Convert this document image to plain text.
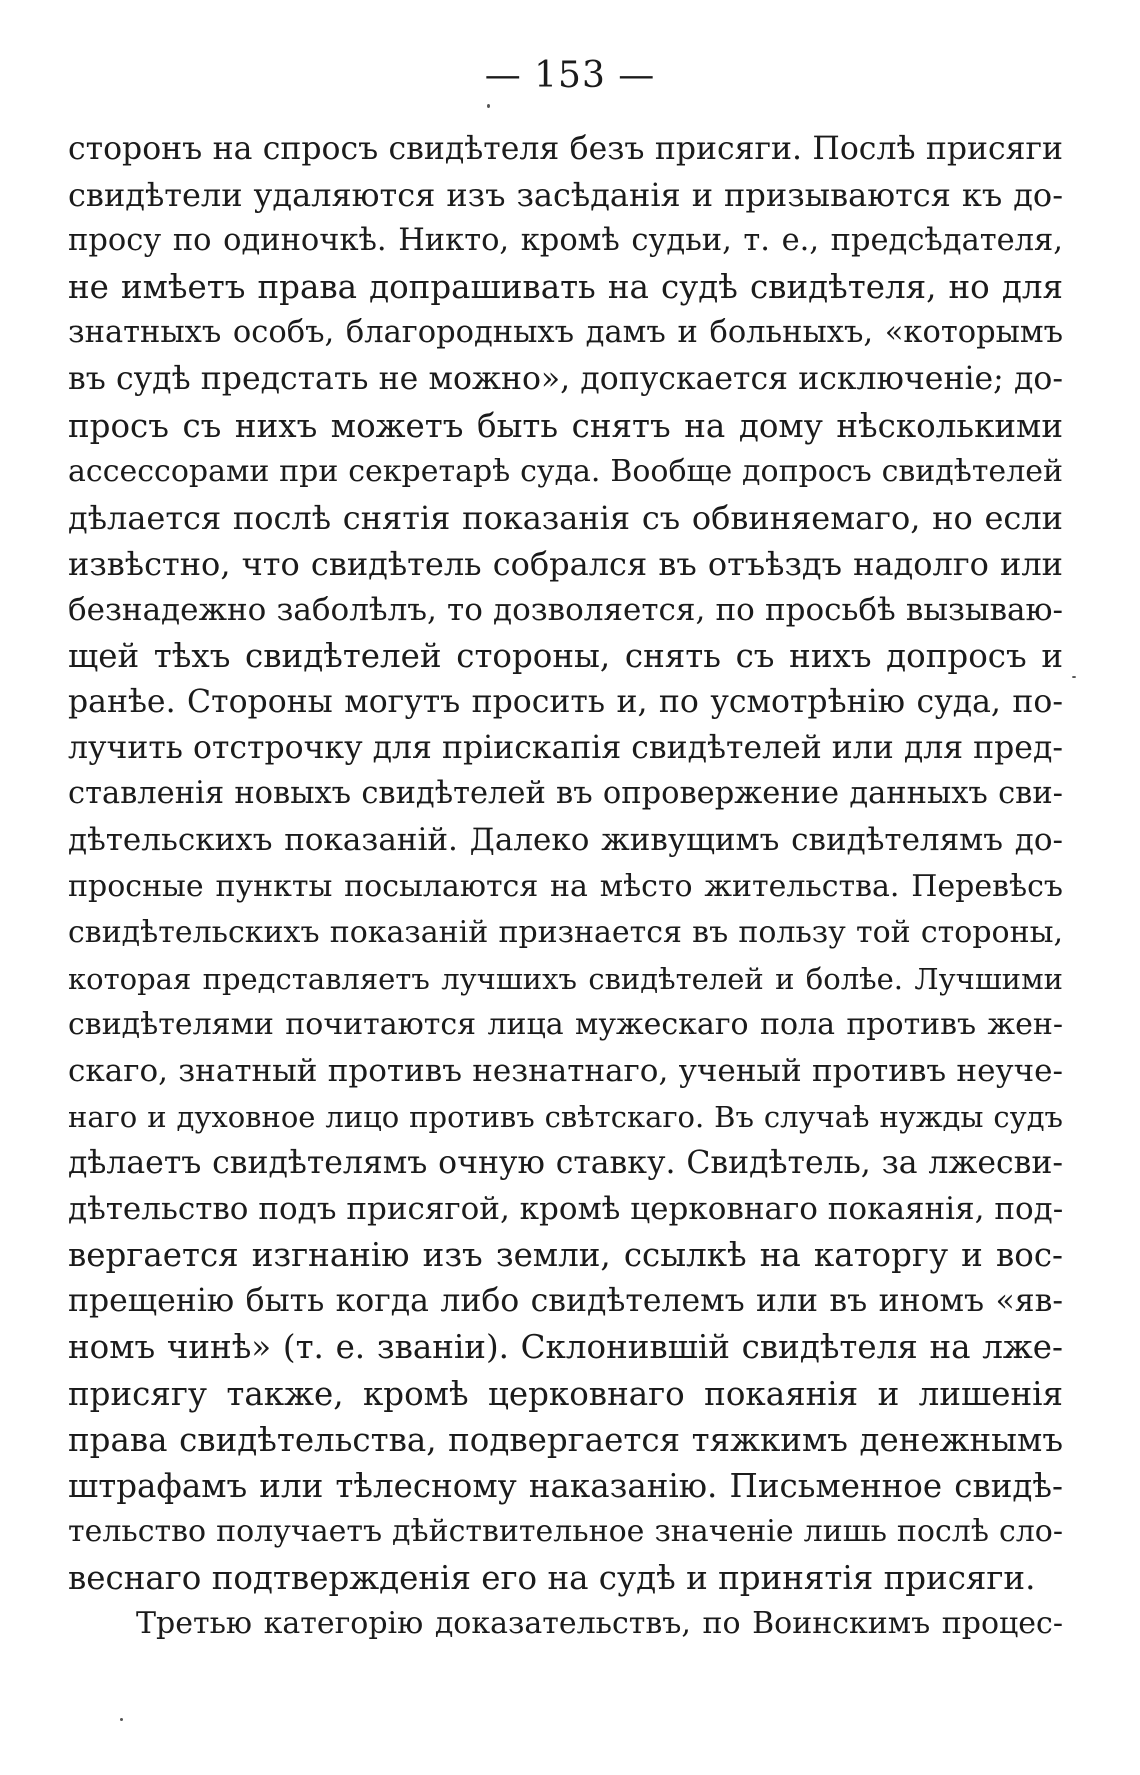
— 153 —
сторонъ на спросъ свидѣтеля безъ присяги. Послѣ присяги
свидѣтели удаляются изъ засѣданія и призываются къ до-
просу по одиночкѣ. Никто, кромѣ судьи, т. е., предсѣдателя,
не имѣетъ права допрашивать на судѣ свидѣтеля, но для
знатныхъ особъ, благородныхъ дамъ и больныхъ, «которымъ
въ судѣ предстать не можно», допускается исключеніе; до-
просъ съ нихъ можетъ быть снятъ на дому нѣсколькими
ассессорами при секретарѣ суда. Вообще допросъ свидѣтелей
дѣлается послѣ снятія показанія съ обвиняемаго, но если
извѣстно, что свидѣтель собрался въ отъѣздъ надолго или
безнадежно заболѣлъ, то дозволяется, по просьбѣ вызываю-
щей тѣхъ свидѣтелей стороны, снять съ нихъ допросъ и
ранѣе. Стороны могутъ просить и, по усмотрѣнію суда, по-
лучить отстрочку для пріискапія свидѣтелей или для пред-
ставленія новыхъ свидѣтелей въ опровержение данныхъ сви-
дѣтельскихъ показаній. Далеко живущимъ свидѣтелямъ до-
просные пункты посылаются на мѣсто жительства. Перевѣсъ
свидѣтельскихъ показаній признается въ пользу той стороны,
которая представляетъ лучшихъ свидѣтелей и болѣе. Лучшими
свидѣтелями почитаются лица мужескаго пола противъ жен-
скаго, знатный противъ незнатнаго, ученый противъ неуче-
наго и духовное лицо противъ свѣтскаго. Въ случаѣ нужды судъ
дѣлаетъ свидѣтелямъ очную ставку. Свидѣтель, за лжесви-
дѣтельство подъ присягой, кромѣ церковнаго покаянія, под-
вергается изгнанію изъ земли, ссылкѣ на каторгу и вос-
прещенію быть когда либо свидѣтелемъ или въ иномъ «яв-
номъ чинѣ» (т. е. званіи). Склонившій свидѣтеля на лже-
присягу также, кромѣ церковнаго покаянія и лишенія
права свидѣтельства, подвергается тяжкимъ денежнымъ
штрафамъ или тѣлесному наказанію. Письменное свидѣ-
тельство получаетъ дѣйствительное значеніе лишь послѣ сло-
веснаго подтвержденія его на судѣ и принятія присяги.
Третью категорію доказательствъ, по Воинскимъ процес-
